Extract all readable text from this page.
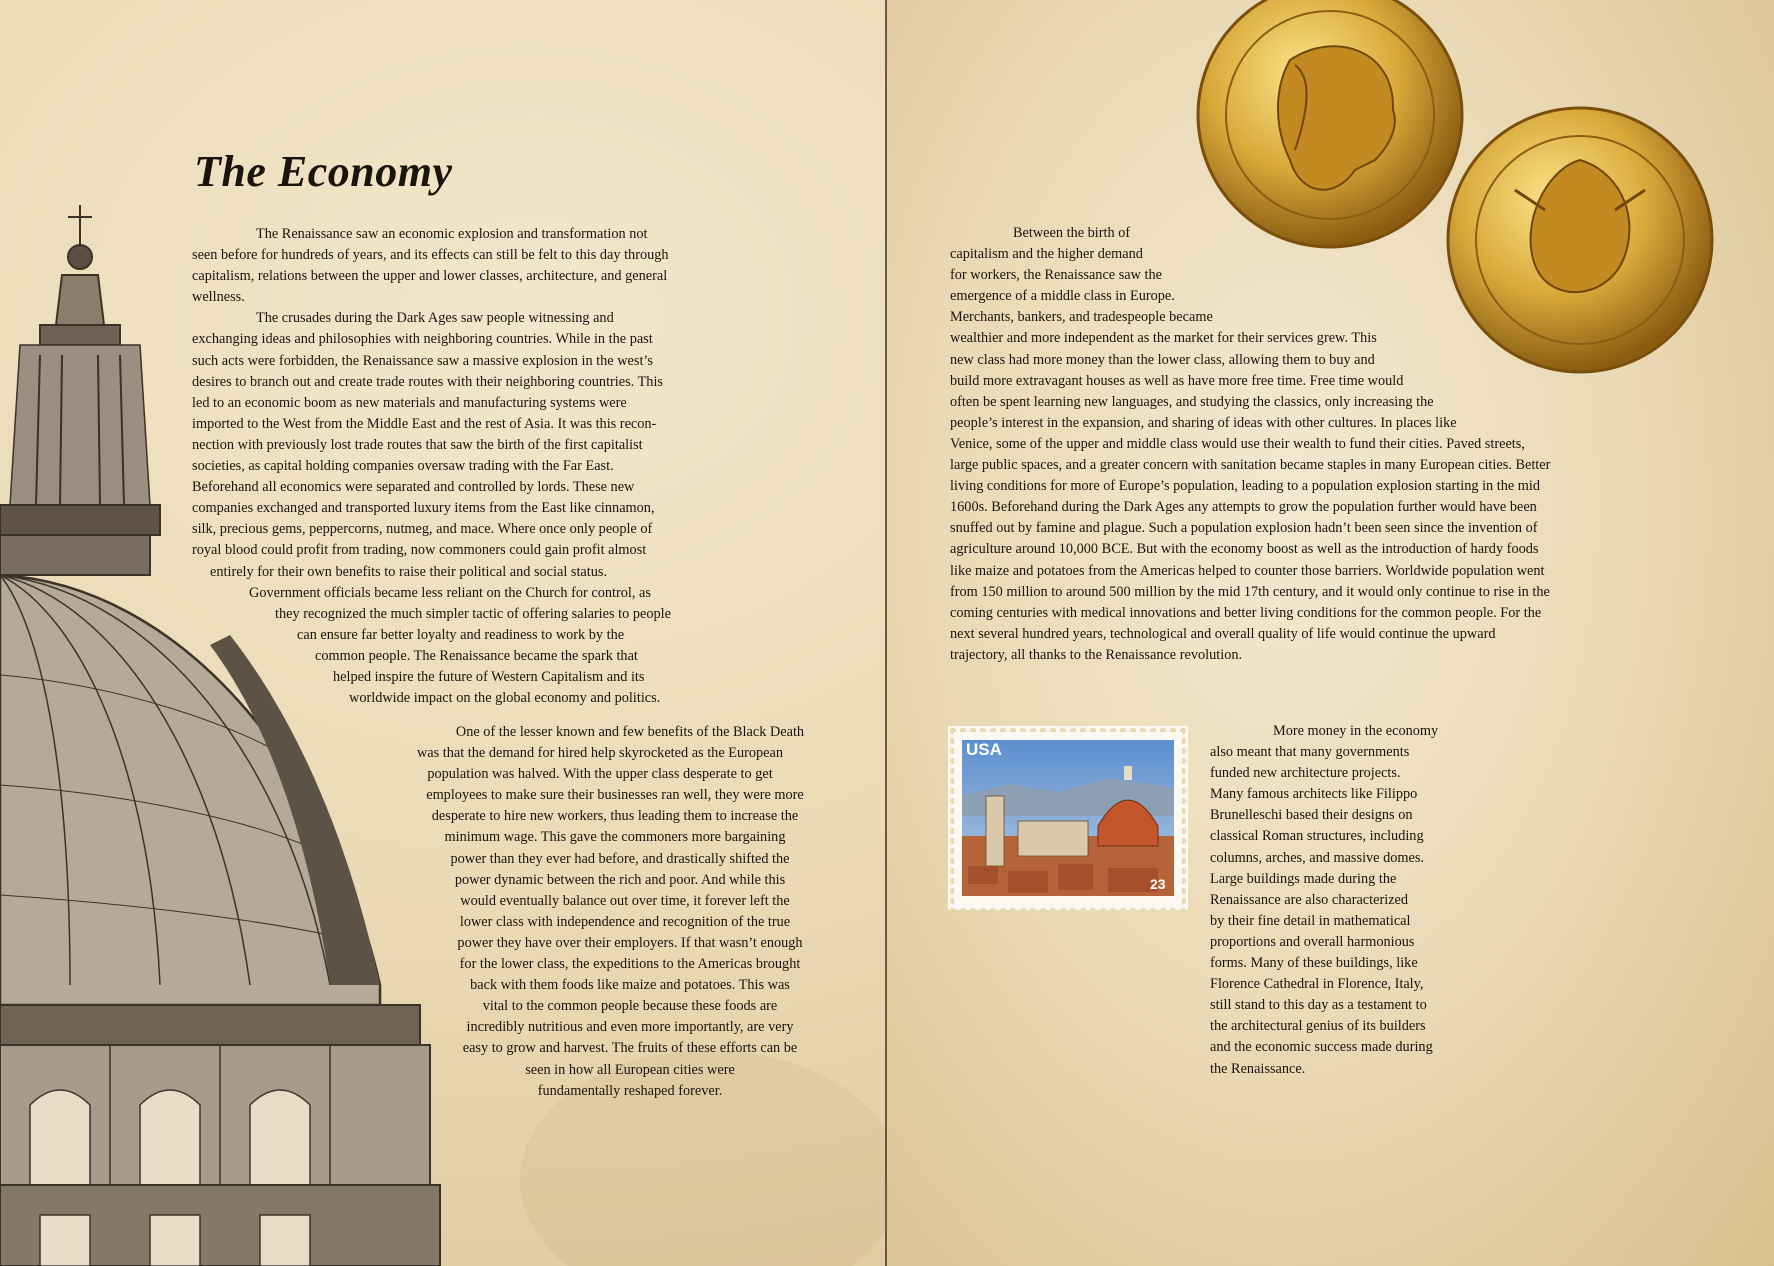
The Economy

The Renaissance saw an economic explosion and transformation not

seen before for hundreds of years, and its effects can still be felt to this day through

capitalism, relations between the upper and lower classes, architecture, and general

wellness.

The crusades during the Dark Ages saw people witnessing and

exchanging ideas and philosophies with neighboring countries. While in the past

such acts were forbidden, the Renaissance saw a massive explosion in the west’s

desires to branch out and create trade routes with their neighboring countries. This

led to an economic boom as new materials and manufacturing systems were

imported to the West from the Middle East and the rest of Asia. It was this recon-

nection with previously lost trade routes that saw the birth of the first capitalist

societies, as capital holding companies oversaw trading with the Far East.

Beforehand all economics were separated and controlled by lords. These new

companies exchanged and transported luxury items from the East like cinnamon,

silk, precious gems, peppercorns, nutmeg, and mace. Where once only people of

royal blood could profit from trading, now commoners could gain profit almost

entirely for their own benefits to raise their political and social status.

Government officials became less reliant on the Church for control, as

they recognized the much simpler tactic of offering salaries to people

can ensure far better loyalty and readiness to work by the

common people. The Renaissance became the spark that

helped inspire the future of Western Capitalism and its

worldwide impact on the global economy and politics.

One of the lesser known and few benefits of the Black Death

was that the demand for hired help skyrocketed as the European

population was halved. With the upper class desperate to get

employees to make sure their businesses ran well, they were more

desperate to hire new workers, thus leading them to increase the

minimum wage. This gave the commoners more bargaining

power than they ever had before, and drastically shifted the

power dynamic between the rich and poor. And while this

would eventually balance out over time, it forever left the

lower class with independence and recognition of the true

power they have over their employers. If that wasn’t enough

for the lower class, the expeditions to the Americas brought

back with them foods like maize and potatoes. This was

vital to the common people because these foods are

incredibly nutritious and even more importantly, are very

easy to grow and harvest. The fruits of these efforts can be

seen in how all European cities were

fundamentally reshaped forever.

Between the birth of

capitalism and the higher demand

for workers, the Renaissance saw the

emergence of a middle class in Europe.

Merchants, bankers, and tradespeople became

wealthier and more independent as the market for their services grew. This

new class had more money than the lower class, allowing them to buy and

build more extravagant houses as well as have more free time. Free time would

often be spent learning new languages, and studying the classics, only increasing the

people’s interest in the expansion, and sharing of ideas with other cultures. In places like

Venice, some of the upper and middle class would use their wealth to fund their cities. Paved streets,

large public spaces, and a greater concern with sanitation became staples in many European cities. Better

living conditions for more of Europe’s population, leading to a population explosion starting in the mid

1600s. Beforehand during the Dark Ages any attempts to grow the population further would have been

snuffed out by famine and plague. Such a population explosion hadn’t been seen since the invention of

agriculture around 10,000 BCE. But with the economy boost as well as the introduction of hardy foods

like maize and potatoes from the Americas helped to counter those barriers. Worldwide population went

from 150 million to around 500 million by the mid 17th century, and it would only continue to rise in the

coming centuries with medical innovations and better living conditions for the common people. For the

next several hundred years, technological and overall quality of life would continue the upward

trajectory, all thanks to the Renaissance revolution.

USA
23

More money in the economy

also meant that many governments

funded new architecture projects.

Many famous architects like Filippo

Brunelleschi based their designs on

classical Roman structures, including

columns, arches, and massive domes.

Large buildings made during the

Renaissance are also characterized

by their fine detail in mathematical

proportions and overall harmonious

forms. Many of these buildings, like

Florence Cathedral in Florence, Italy,

still stand to this day as a testament to

the architectural genius of its builders

and the economic success made during

the Renaissance.
